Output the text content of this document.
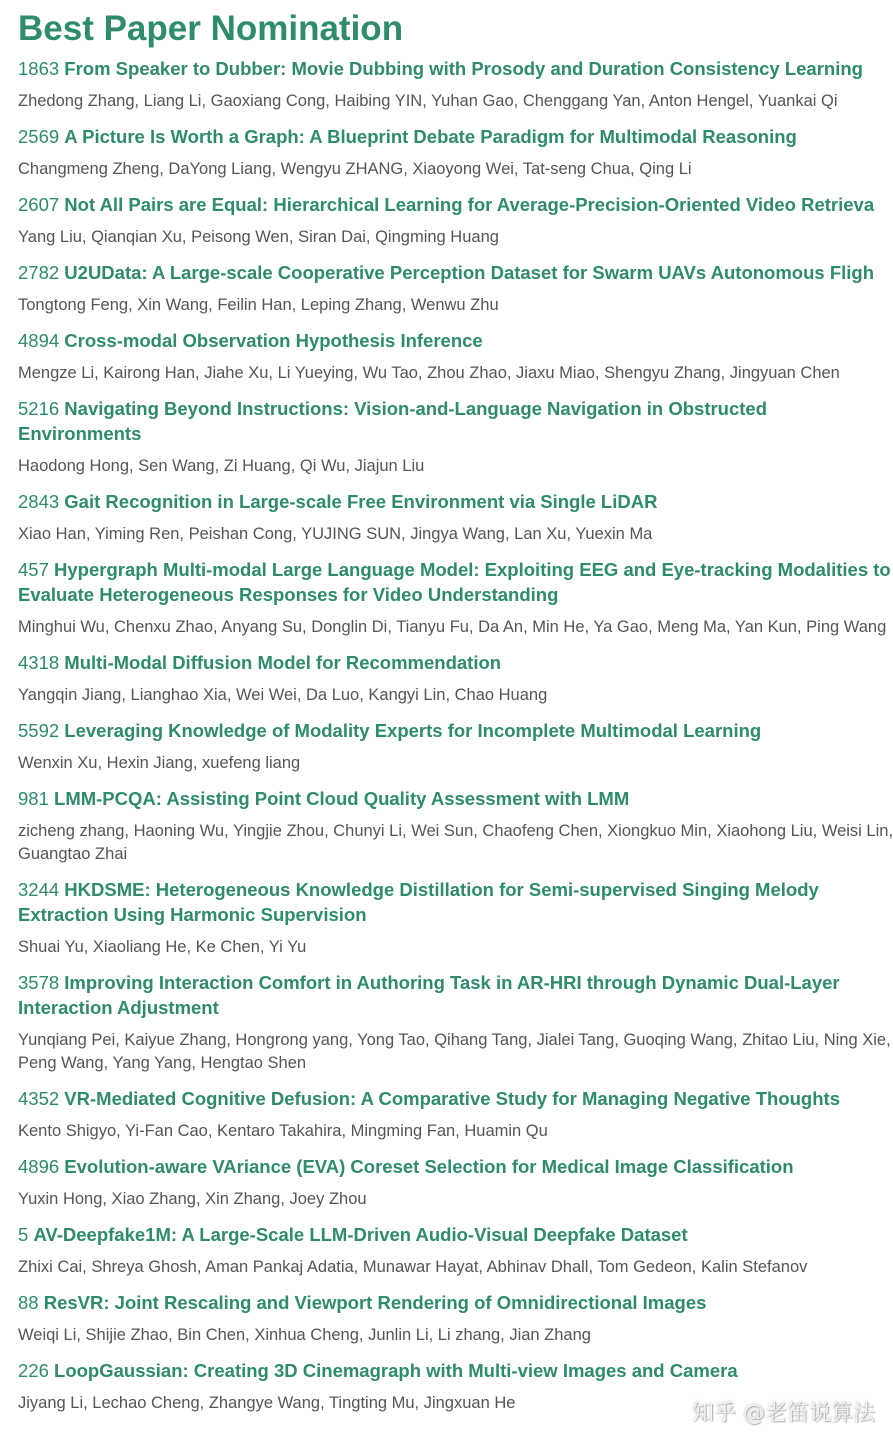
Best Paper Nomination
1863 From Speaker to Dubber: Movie Dubbing with Prosody and Duration Consistency Learning
Zhedong Zhang, Liang Li, Gaoxiang Cong, Haibing YIN, Yuhan Gao, Chenggang Yan, Anton Hengel, Yuankai Qi
2569 A Picture Is Worth a Graph: A Blueprint Debate Paradigm for Multimodal Reasoning
Changmeng Zheng, DaYong Liang, Wengyu ZHANG, Xiaoyong Wei, Tat-seng Chua, Qing Li
2607 Not All Pairs are Equal: Hierarchical Learning for Average-Precision-Oriented Video Retrieva
Yang Liu, Qianqian Xu, Peisong Wen, Siran Dai, Qingming Huang
2782 U2UData: A Large-scale Cooperative Perception Dataset for Swarm UAVs Autonomous Fligh
Tongtong Feng, Xin Wang, Feilin Han, Leping Zhang, Wenwu Zhu
4894 Cross-modal Observation Hypothesis Inference
Mengze Li, Kairong Han, Jiahe Xu, Li Yueying, Wu Tao, Zhou Zhao, Jiaxu Miao, Shengyu Zhang, Jingyuan Chen
5216 Navigating Beyond Instructions: Vision-and-Language Navigation in Obstructed Environments
Haodong Hong, Sen Wang, Zi Huang, Qi Wu, Jiajun Liu
2843 Gait Recognition in Large-scale Free Environment via Single LiDAR
Xiao Han, Yiming Ren, Peishan Cong, YUJING SUN, Jingya Wang, Lan Xu, Yuexin Ma
457 Hypergraph Multi-modal Large Language Model: Exploiting EEG and Eye-tracking Modalities to Evaluate Heterogeneous Responses for Video Understanding
Minghui Wu, Chenxu Zhao, Anyang Su, Donglin Di, Tianyu Fu, Da An, Min He, Ya Gao, Meng Ma, Yan Kun, Ping Wang
4318 Multi-Modal Diffusion Model for Recommendation
Yangqin Jiang, Lianghao Xia, Wei Wei, Da Luo, Kangyi Lin, Chao Huang
5592 Leveraging Knowledge of Modality Experts for Incomplete Multimodal Learning
Wenxin Xu, Hexin Jiang, xuefeng liang
981 LMM-PCQA: Assisting Point Cloud Quality Assessment with LMM
zicheng zhang, Haoning Wu, Yingjie Zhou, Chunyi Li, Wei Sun, Chaofeng Chen, Xiongkuo Min, Xiaohong Liu, Weisi Lin, Guangtao Zhai
3244 HKDSME: Heterogeneous Knowledge Distillation for Semi-supervised Singing Melody Extraction Using Harmonic Supervision
Shuai Yu, Xiaoliang He, Ke Chen, Yi Yu
3578 Improving Interaction Comfort in Authoring Task in AR-HRI through Dynamic Dual-Layer Interaction Adjustment
Yunqiang Pei, Kaiyue Zhang, Hongrong yang, Yong Tao, Qihang Tang, Jialei Tang, Guoqing Wang, Zhitao Liu, Ning Xie, Peng Wang, Yang Yang, Hengtao Shen
4352 VR-Mediated Cognitive Defusion: A Comparative Study for Managing Negative Thoughts
Kento Shigyo, Yi-Fan Cao, Kentaro Takahira, Mingming Fan, Huamin Qu
4896 Evolution-aware VAriance (EVA) Coreset Selection for Medical Image Classification
Yuxin Hong, Xiao Zhang, Xin Zhang, Joey Zhou
5 AV-Deepfake1M: A Large-Scale LLM-Driven Audio-Visual Deepfake Dataset
Zhixi Cai, Shreya Ghosh, Aman Pankaj Adatia, Munawar Hayat, Abhinav Dhall, Tom Gedeon, Kalin Stefanov
88 ResVR: Joint Rescaling and Viewport Rendering of Omnidirectional Images
Weiqi Li, Shijie Zhao, Bin Chen, Xinhua Cheng, Junlin Li, Li zhang, Jian Zhang
226 LoopGaussian: Creating 3D Cinemagraph with Multi-view Images and Camera
Jiyang Li, Lechao Cheng, Zhangye Wang, Tingting Mu, Jingxuan He	知乎 @老笛说算法
